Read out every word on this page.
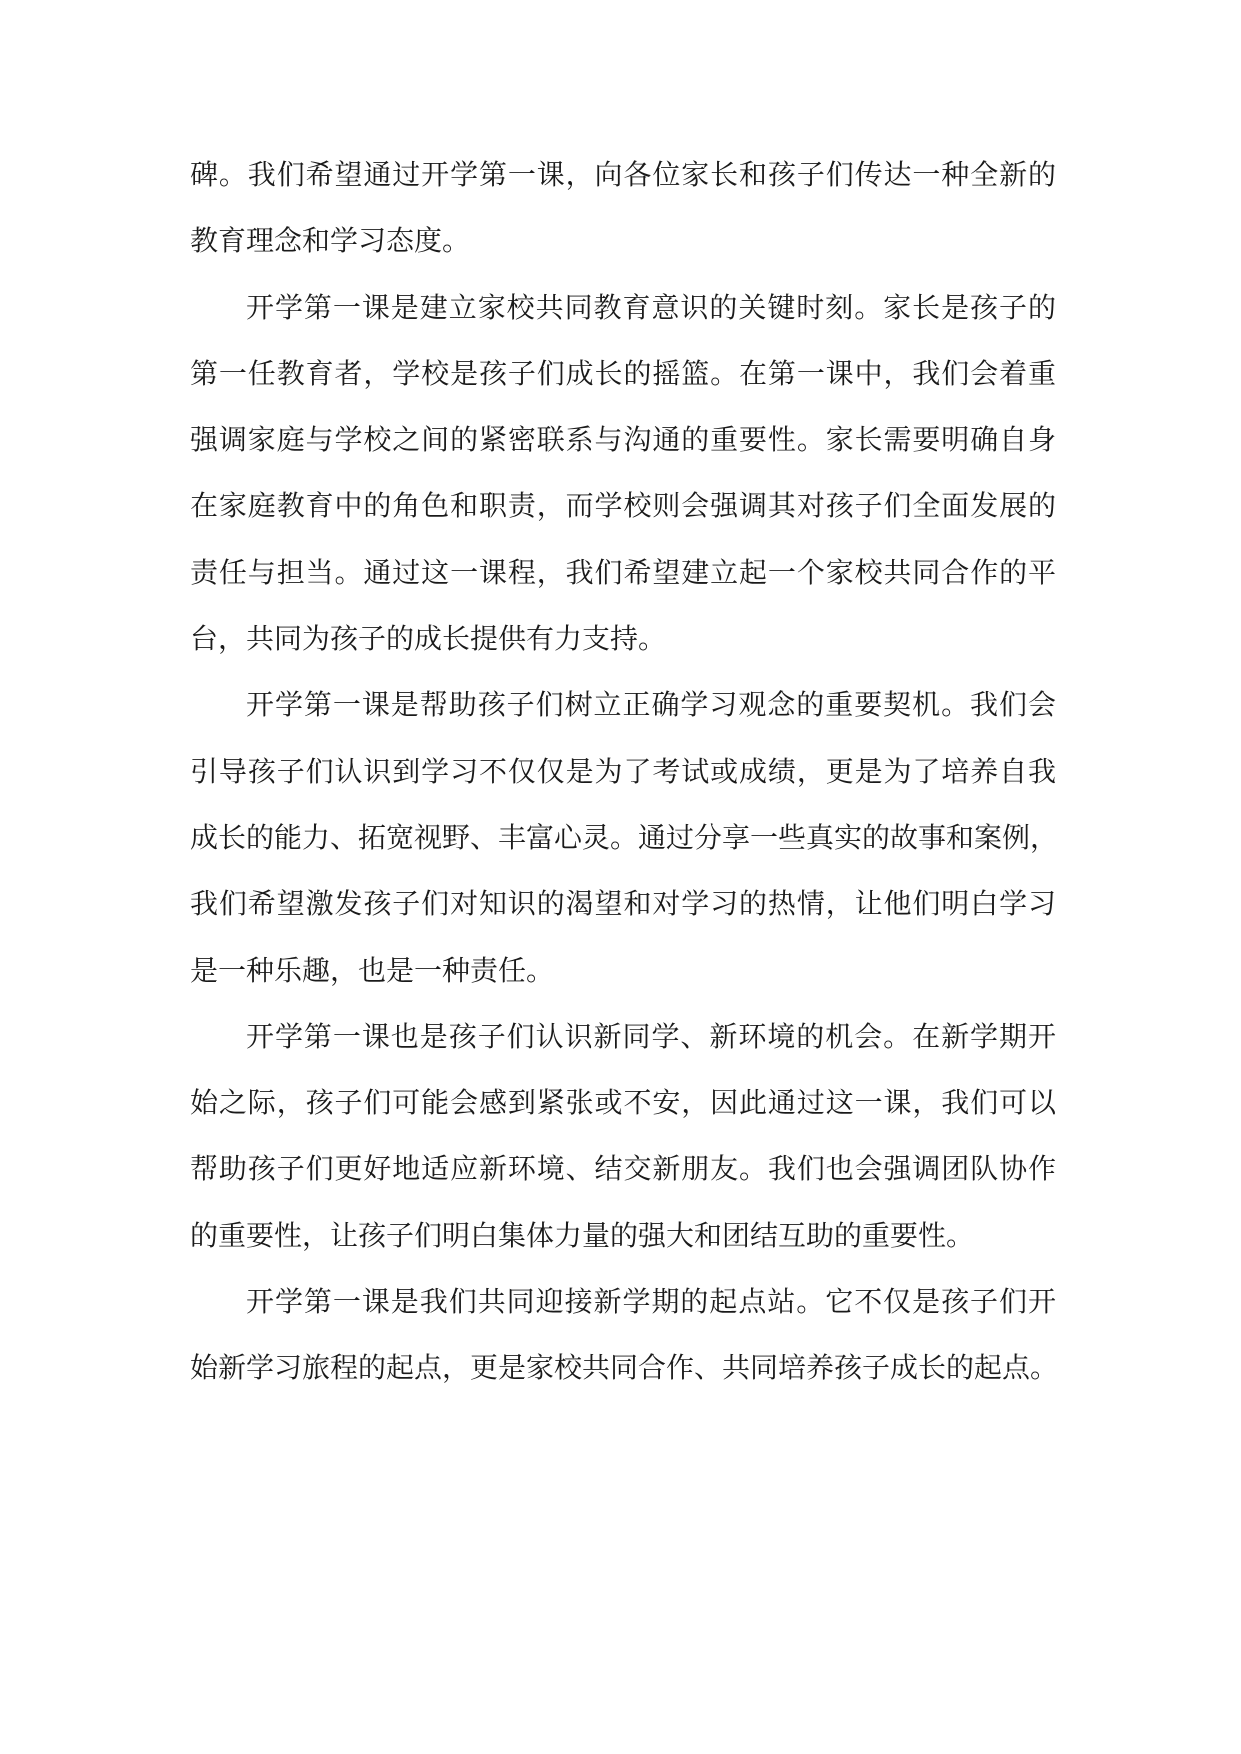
碑。我们希望通过开学第一课，向各位家长和孩子们传达一种全新的
教育理念和学习态度。

开学第一课是建立家校共同教育意识的关键时刻。家长是孩子的
第一任教育者，学校是孩子们成长的摇篮。在第一课中，我们会着重
强调家庭与学校之间的紧密联系与沟通的重要性。家长需要明确自身
在家庭教育中的角色和职责，而学校则会强调其对孩子们全面发展的
责任与担当。通过这一课程，我们希望建立起一个家校共同合作的平
台，共同为孩子的成长提供有力支持。

开学第一课是帮助孩子们树立正确学习观念的重要契机。我们会
引导孩子们认识到学习不仅仅是为了考试或成绩，更是为了培养自我
成长的能力、拓宽视野、丰富心灵。通过分享一些真实的故事和案例，
我们希望激发孩子们对知识的渴望和对学习的热情，让他们明白学习
是一种乐趣，也是一种责任。

开学第一课也是孩子们认识新同学、新环境的机会。在新学期开
始之际，孩子们可能会感到紧张或不安，因此通过这一课，我们可以
帮助孩子们更好地适应新环境、结交新朋友。我们也会强调团队协作
的重要性，让孩子们明白集体力量的强大和团结互助的重要性。

开学第一课是我们共同迎接新学期的起点站。它不仅是孩子们开
始新学习旅程的起点，更是家校共同合作、共同培养孩子成长的起点。
